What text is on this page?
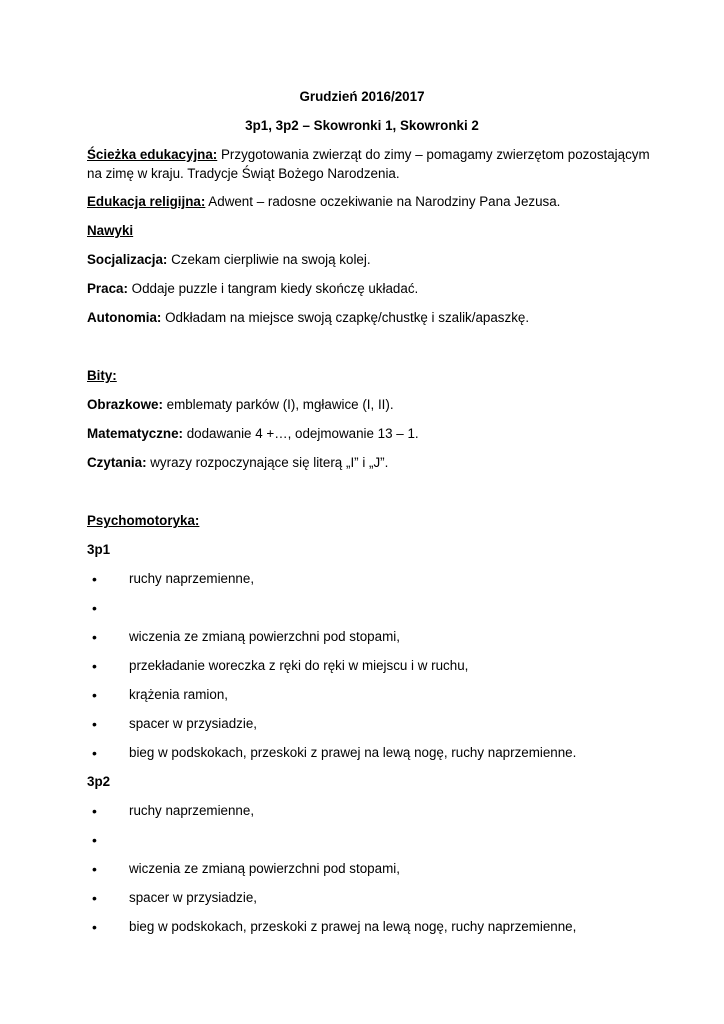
Grudzień 2016/2017
3p1, 3p2 – Skowronki 1, Skowronki 2
Ścieżka edukacyjna: Przygotowania zwierząt do zimy – pomagamy zwierzętom pozostającym
na zimę w kraju. Tradycje Świąt Bożego Narodzenia.
Edukacja religijna: Adwent – radosne oczekiwanie na Narodziny Pana Jezusa.
Nawyki
Socjalizacja: Czekam cierpliwie na swoją kolej.
Praca: Oddaje puzzle i tangram kiedy skończę układać.
Autonomia: Odkładam na miejsce swoją czapkę/chustkę i szalik/apaszkę.
Bity:
Obrazkowe: emblematy parków (I), mgławice (I, II).
Matematyczne: dodawanie 4 +…, odejmowanie 13 – 1.
Czytania: wyrazy rozpoczynające się literą „I” i „J”.
Psychomotoryka:
3p1
• ruchy naprzemienne,
•
• wiczenia ze zmianą powierzchni pod stopami,
• przekładanie woreczka z ręki do ręki w miejscu i w ruchu,
• krążenia ramion,
• spacer w przysiadzie,
• bieg w podskokach, przeskoki z prawej na lewą nogę, ruchy naprzemienne.
3p2
• ruchy naprzemienne,
•
• wiczenia ze zmianą powierzchni pod stopami,
• spacer w przysiadzie,
• bieg w podskokach, przeskoki z prawej na lewą nogę, ruchy naprzemienne,
